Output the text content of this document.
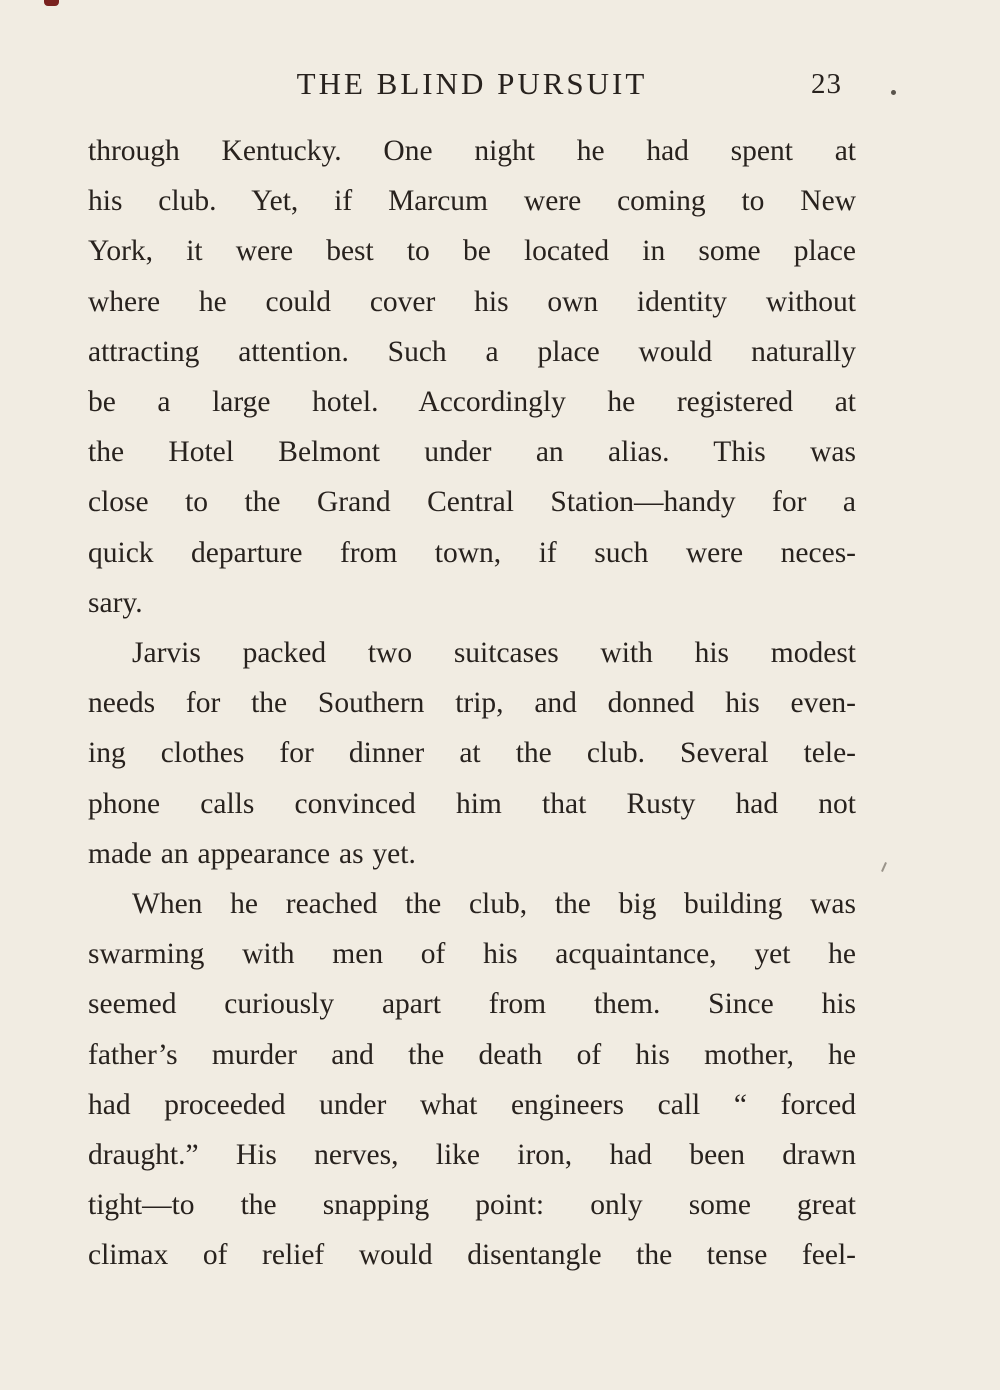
THE BLIND PURSUIT	23
through Kentucky. One night he had spent at
his club. Yet, if Marcum were coming to New
York, it were best to be located in some place
where he could cover his own identity without
attracting attention. Such a place would naturally
be a large hotel. Accordingly he registered at
the Hotel Belmont under an alias. This was
close to the Grand Central Station—handy for a
quick departure from town, if such were neces-
sary.
Jarvis packed two suitcases with his modest
needs for the Southern trip, and donned his even-
ing clothes for dinner at the club. Several tele-
phone calls convinced him that Rusty had not
made an appearance as yet.
When he reached the club, the big building was
swarming with men of his acquaintance, yet he
seemed curiously apart from them. Since his
father’s murder and the death of his mother, he
had proceeded under what engineers call “ forced
draught.” His nerves, like iron, had been drawn
tight—to the snapping point: only some great
climax of relief would disentangle the tense feel-
